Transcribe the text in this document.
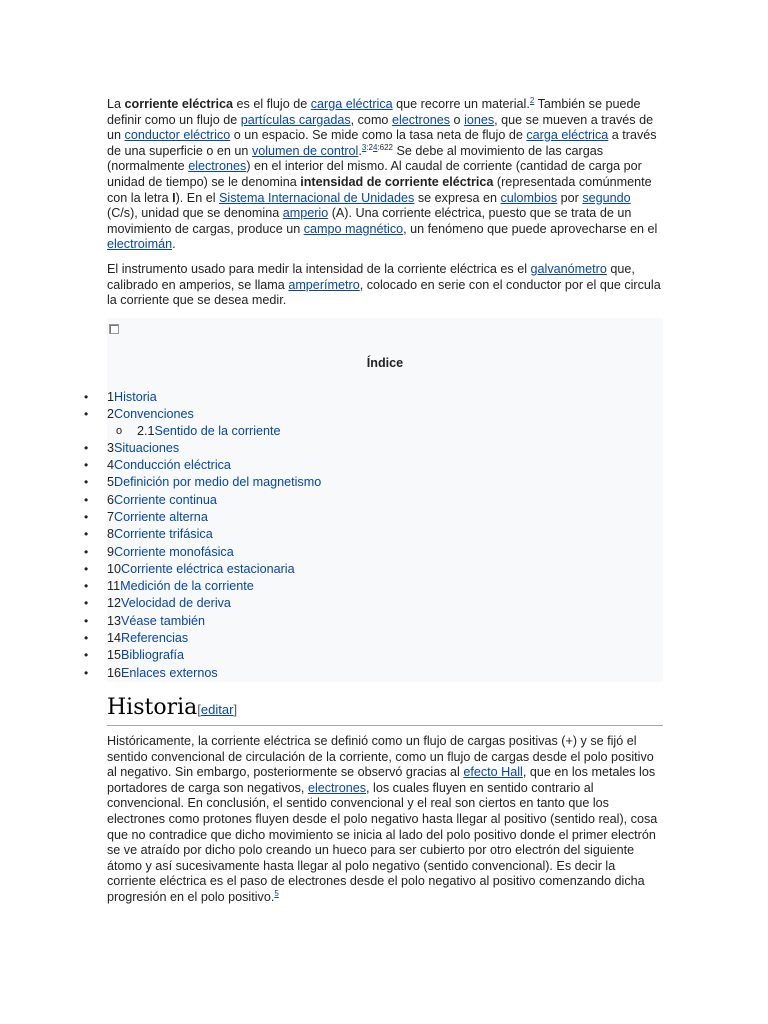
La corriente eléctrica es el flujo de carga eléctrica que recorre un material.$^2$ También se puede definir como un flujo de partículas cargadas, como electrones o iones, que se mueven a través de un conductor eléctrico o un espacio. Se mide como la tasa neta de flujo de carga eléctrica a través de una superficie o en un volumen de control.$^{3:24:622}$ Se debe al movimiento de las cargas (normalmente electrones) en el interior del mismo. Al caudal de corriente (cantidad de carga por unidad de tiempo) se le denomina intensidad de corriente eléctrica (representada comúnmente con la letra I). En el Sistema Internacional de Unidades se expresa en culombios por segundo (C/s), unidad que se denomina amperio (A). Una corriente eléctrica, puesto que se trata de un movimiento de cargas, produce un campo magnético, un fenómeno que puede aprovecharse en el electroimán.

El instrumento usado para medir la intensidad de la corriente eléctrica es el galvanómetro que, calibrado en amperios, se llama amperímetro, colocado en serie con el conductor por el que circula la corriente que se desea medir.

Índice
• 1Historia
• 2Convenciones
o 2.1Sentido de la corriente
• 3Situaciones
• 4Conducción eléctrica
• 5Definición por medio del magnetismo
• 6Corriente continua
• 7Corriente alterna
• 8Corriente trifásica
• 9Corriente monofásica
• 10Corriente eléctrica estacionaria
• 11Medición de la corriente
• 12Velocidad de deriva
• 13Véase también
• 14Referencias
• 15Bibliografía
• 16Enlaces externos
Historia[editar]

Históricamente, la corriente eléctrica se definió como un flujo de cargas positivas (+) y se fijó el sentido convencional de circulación de la corriente, como un flujo de cargas desde el polo positivo al negativo. Sin embargo, posteriormente se observó gracias al efecto Hall, que en los metales los portadores de carga son negativos, electrones, los cuales fluyen en sentido contrario al convencional. En conclusión, el sentido convencional y el real son ciertos en tanto que los electrones como protones fluyen desde el polo negativo hasta llegar al positivo (sentido real), cosa que no contradice que dicho movimiento se inicia al lado del polo positivo donde el primer electrón se ve atraído por dicho polo creando un hueco para ser cubierto por otro electrón del siguiente átomo y así sucesivamente hasta llegar al polo negativo (sentido convencional). Es decir la corriente eléctrica es el paso de electrones desde el polo negativo al positivo comenzando dicha progresión en el polo positivo.$^5$
